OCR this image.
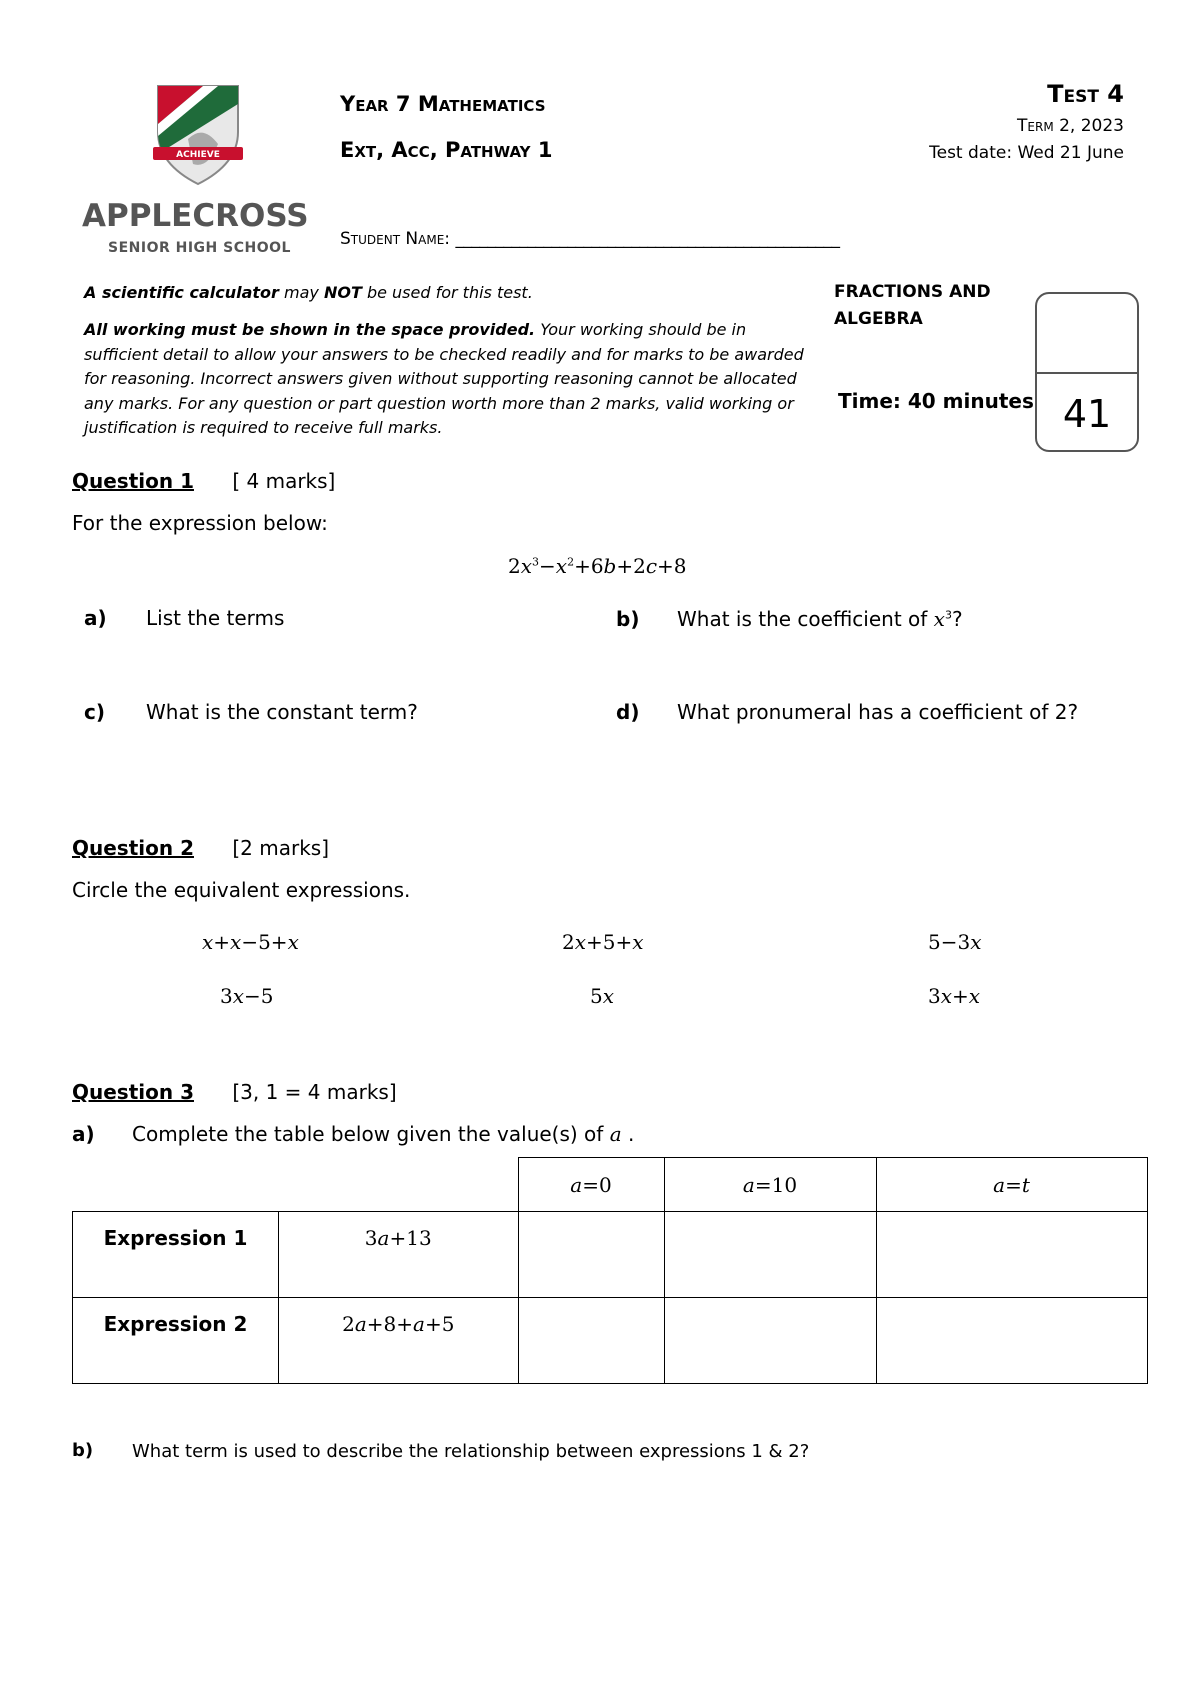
ACHIEVE
APPLECROSS
SENIOR HIGH SCHOOL
Year 7 Mathematics
Ext, Acc, Pathway 1
Test 4
Term 2, 2023
Test date: Wed 21 June
Student Name: ________________________________________________
A scientific calculator may NOT be used for this test.
All working must be shown in the space provided. Your working should be in sufficient detail to allow your answers to be checked readily and for marks to be awarded for reasoning. Incorrect answers given without supporting reasoning cannot be allocated any marks. For any question or part question worth more than 2 marks, valid working or justification is required to receive full marks.
FRACTIONS AND
ALGEBRA
Time: 40 minutes 41
Question 1 [ 4 marks]
For the expression below:
$2x^3-x^2+6b+2c+8$
a) List the terms	b) What is the coefficient of $x^3$?
c) What is the constant term?	d) What pronumeral has a coefficient of 2?
Question 2 [2 marks]
Circle the equivalent expressions.
x+x−5+x	2x+5+x	5−3x
3x−5	5x	3x+x
Question 3 [3, 1 = 4 marks]
a) Complete the table below given the value(s) of a .
		a=0	a=10	a=t
Expression 1	3a+13			
Expression 2	2a+8+a+5			
b) What term is used to describe the relationship between expressions 1 & 2?
